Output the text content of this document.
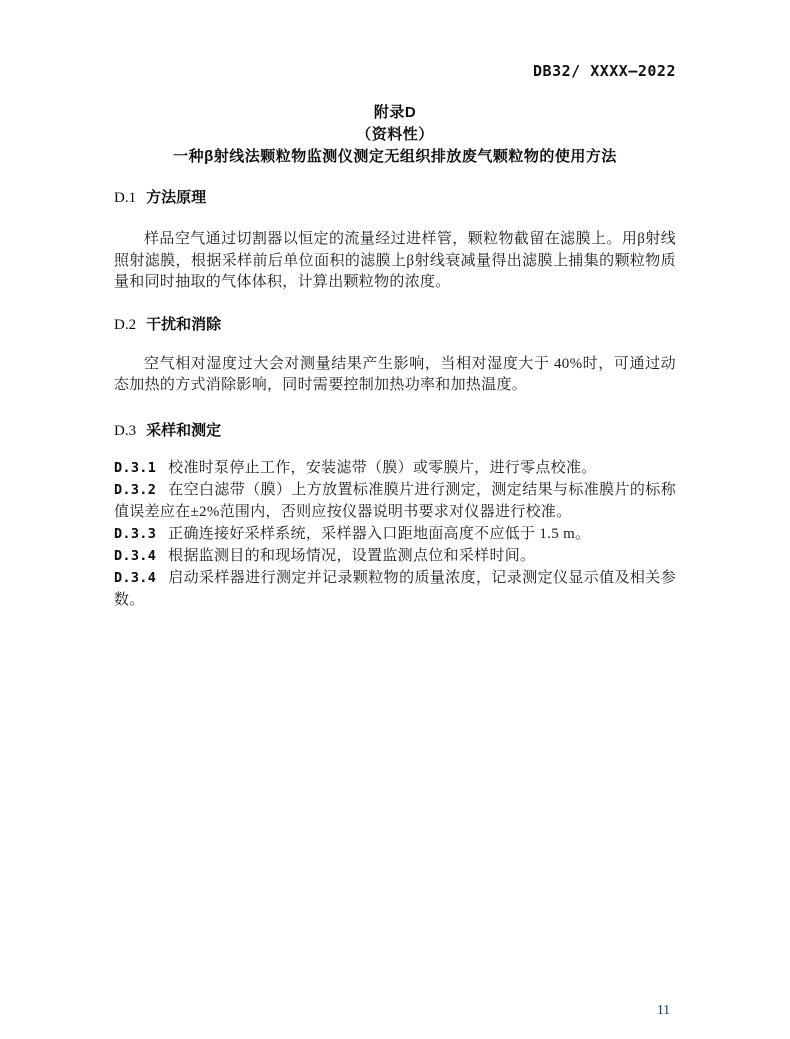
DB32/ XXXX—2022
附录D
（资料性）
一种β射线法颗粒物监测仪测定无组织排放废气颗粒物的使用方法
D.1 方法原理

样品空气通过切割器以恒定的流量经过进样管，颗粒物截留在滤膜上。用β射线照射滤膜，根据采样前后单位面积的滤膜上β射线衰减量得出滤膜上捕集的颗粒物质量和同时抽取的气体体积，计算出颗粒物的浓度。

D.2 干扰和消除

空气相对湿度过大会对测量结果产生影响，当相对湿度大于 40%时，可通过动态加热的方式消除影响，同时需要控制加热功率和加热温度。

D.3 采样和测定

D.3.1 校准时泵停止工作，安装滤带（膜）或零膜片，进行零点校准。

D.3.2 在空白滤带（膜）上方放置标准膜片进行测定，测定结果与标准膜片的标称值误差应在±2%范围内，否则应按仪器说明书要求对仪器进行校准。

D.3.3 正确连接好采样系统，采样器入口距地面高度不应低于 1.5 m。

D.3.4 根据监测目的和现场情况，设置监测点位和采样时间。

D.3.4 启动采样器进行测定并记录颗粒物的质量浓度，记录测定仪显示值及相关参数。

11
